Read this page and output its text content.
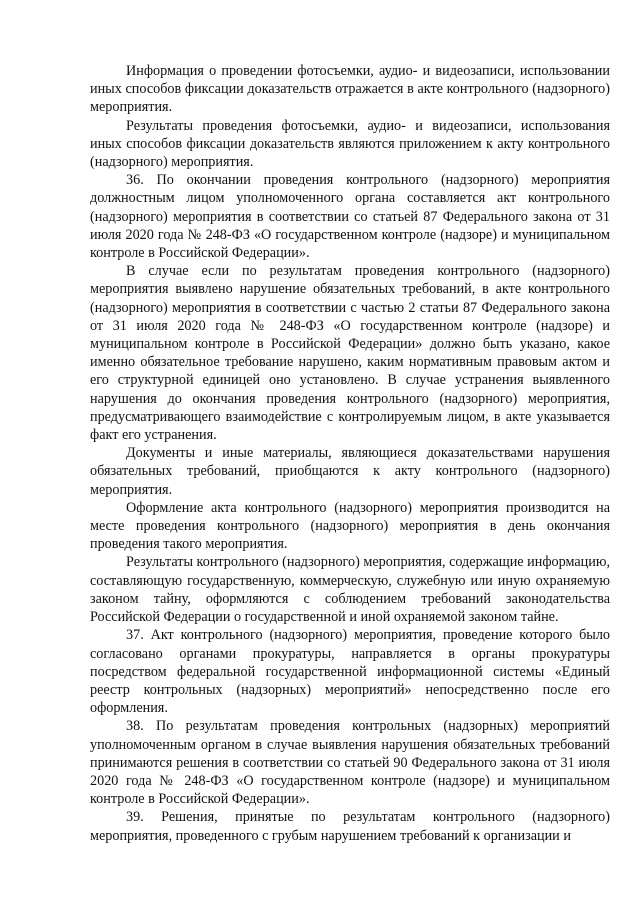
Информация о проведении фотосъемки, аудио- и видеозаписи, использовании иных способов фиксации доказательств отражается в акте контрольного (надзорного) мероприятия.

Результаты проведения фотосъемки, аудио- и видеозаписи, использования иных способов фиксации доказательств являются приложением к акту контрольного (надзорного) мероприятия.

36. По окончании проведения контрольного (надзорного) мероприятия должностным лицом уполномоченного органа составляется акт контрольного (надзорного) мероприятия в соответствии со статьей 87 Федерального закона от 31 июля 2020 года № 248-ФЗ «О государственном контроле (надзоре) и муниципальном контроле в Российской Федерации».

В случае если по результатам проведения контрольного (надзорного) мероприятия выявлено нарушение обязательных требований, в акте контрольного (надзорного) мероприятия в соответствии с частью 2 статьи 87 Федерального закона от 31 июля 2020 года № 248-ФЗ «О государственном контроле (надзоре) и муниципальном контроле в Российской Федерации» должно быть указано, какое именно обязательное требование нарушено, каким нормативным правовым актом и его структурной единицей оно установлено. В случае устранения выявленного нарушения до окончания проведения контрольного (надзорного) мероприятия, предусматривающего взаимодействие с контролируемым лицом, в акте указывается факт его устранения.

Документы и иные материалы, являющиеся доказательствами нарушения обязательных требований, приобщаются к акту контрольного (надзорного) мероприятия.

Оформление акта контрольного (надзорного) мероприятия производится на месте проведения контрольного (надзорного) мероприятия в день окончания проведения такого мероприятия.

Результаты контрольного (надзорного) мероприятия, содержащие информацию, составляющую государственную, коммерческую, служебную или иную охраняемую законом тайну, оформляются с соблюдением требований законодательства Российской Федерации о государственной и иной охраняемой законом тайне.

37. Акт контрольного (надзорного) мероприятия, проведение которого было согласовано органами прокуратуры, направляется в органы прокуратуры посредством федеральной государственной информационной системы «Единый реестр контрольных (надзорных) мероприятий» непосредственно после его оформления.

38. По результатам проведения контрольных (надзорных) мероприятий уполномоченным органом в случае выявления нарушения обязательных требований принимаются решения в соответствии со статьей 90 Федерального закона от 31 июля 2020 года № 248-ФЗ «О государственном контроле (надзоре) и муниципальном контроле в Российской Федерации».

39. Решения, принятые по результатам контрольного (надзорного) мероприятия, проведенного с грубым нарушением требований к организации и
